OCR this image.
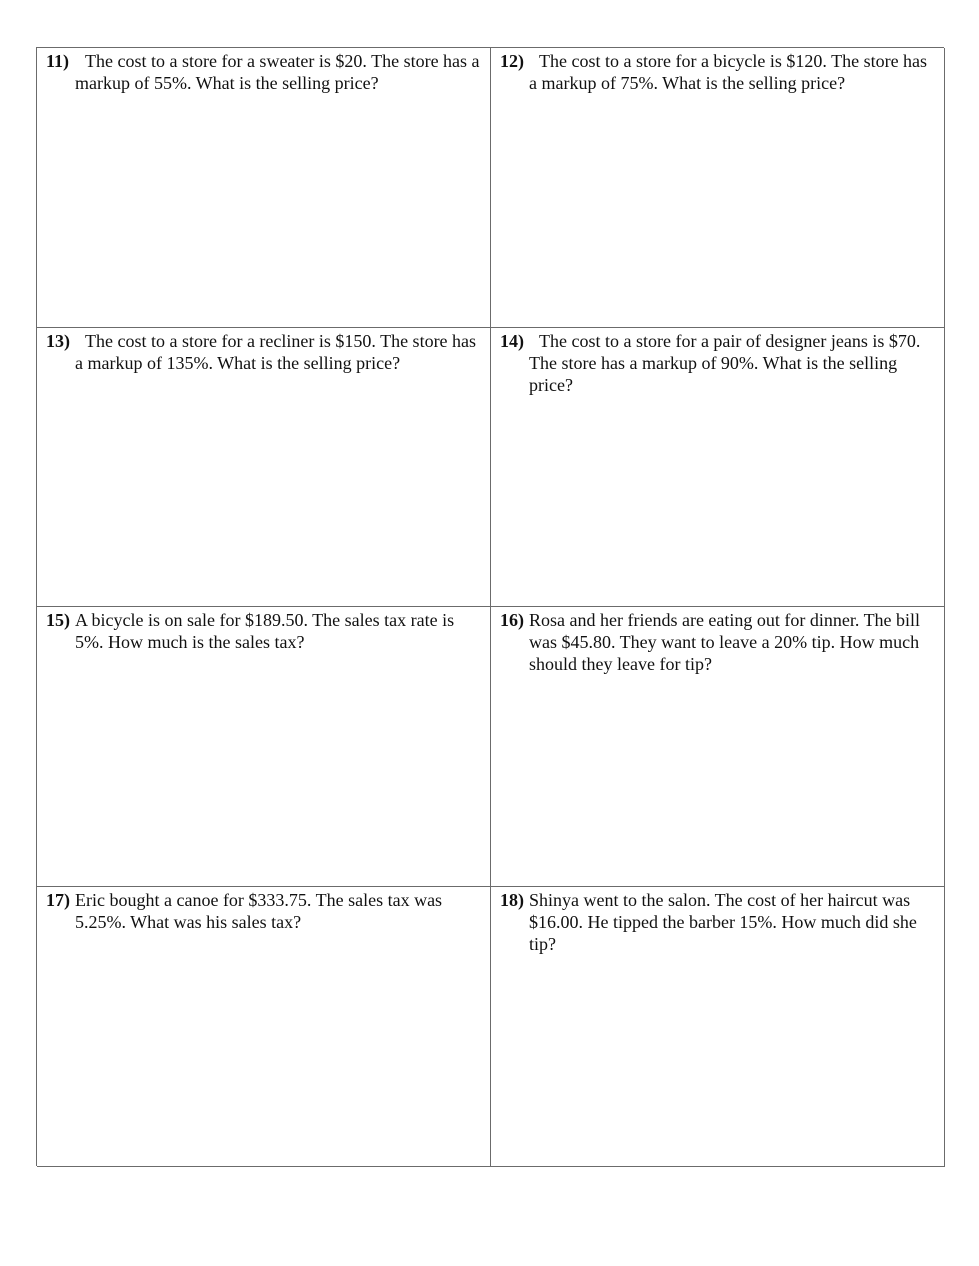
11) The cost to a store for a sweater is $20. The store has a markup of 55%. What is the selling price?
12) The cost to a store for a bicycle is $120. The store has a markup of 75%. What is the selling price?
13) The cost to a store for a recliner is $150. The store has a markup of 135%. What is the selling price?
14) The cost to a store for a pair of designer jeans is $70. The store has a markup of 90%. What is the selling price?
15) A bicycle is on sale for $189.50. The sales tax rate is 5%. How much is the sales tax?
16) Rosa and her friends are eating out for dinner. The bill was $45.80. They want to leave a 20% tip. How much should they leave for tip?
17) Eric bought a canoe for $333.75. The sales tax was 5.25%. What was his sales tax?
18) Shinya went to the salon. The cost of her haircut was $16.00. He tipped the barber 15%. How much did she tip?
